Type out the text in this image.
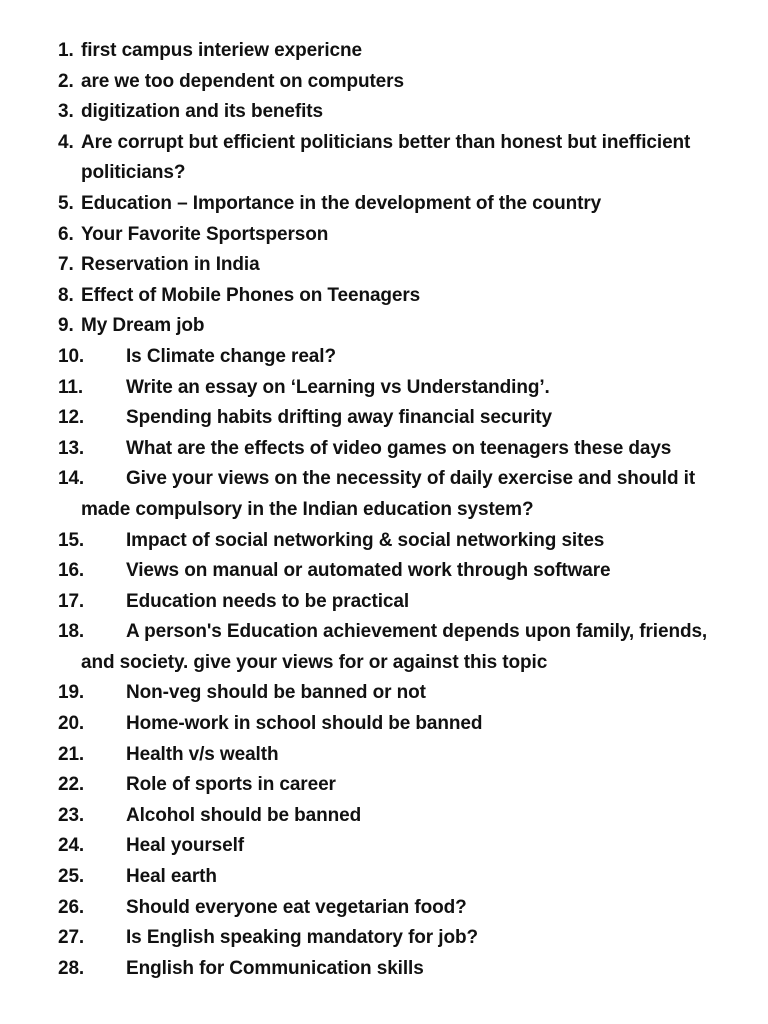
1. first campus interiew expericne
2. are we too dependent on computers
3. digitization and its benefits
4. Are corrupt but efficient politicians better than honest but inefficient politicians?
5. Education – Importance in the development of the country
6. Your Favorite Sportsperson
7. Reservation in India
8. Effect of Mobile Phones on Teenagers
9. My Dream job
10. Is Climate change real?
11. Write an essay on ‘Learning vs Understanding’.
12. Spending habits drifting away financial security
13. What are the effects of video games on teenagers these days
14. Give your views on the necessity of daily exercise and should it made compulsory in the Indian education system?
15. Impact of social networking & social networking sites
16. Views on manual or automated work through software
17. Education needs to be practical
18. A person's Education achievement depends upon family, friends, and society. give your views for or against this topic
19. Non-veg should be banned or not
20. Home-work in school should be banned
21. Health v/s wealth
22. Role of sports in career
23. Alcohol should be banned
24. Heal yourself
25. Heal earth
26. Should everyone eat vegetarian food?
27. Is English speaking mandatory for job?
28. English for Communication skills
